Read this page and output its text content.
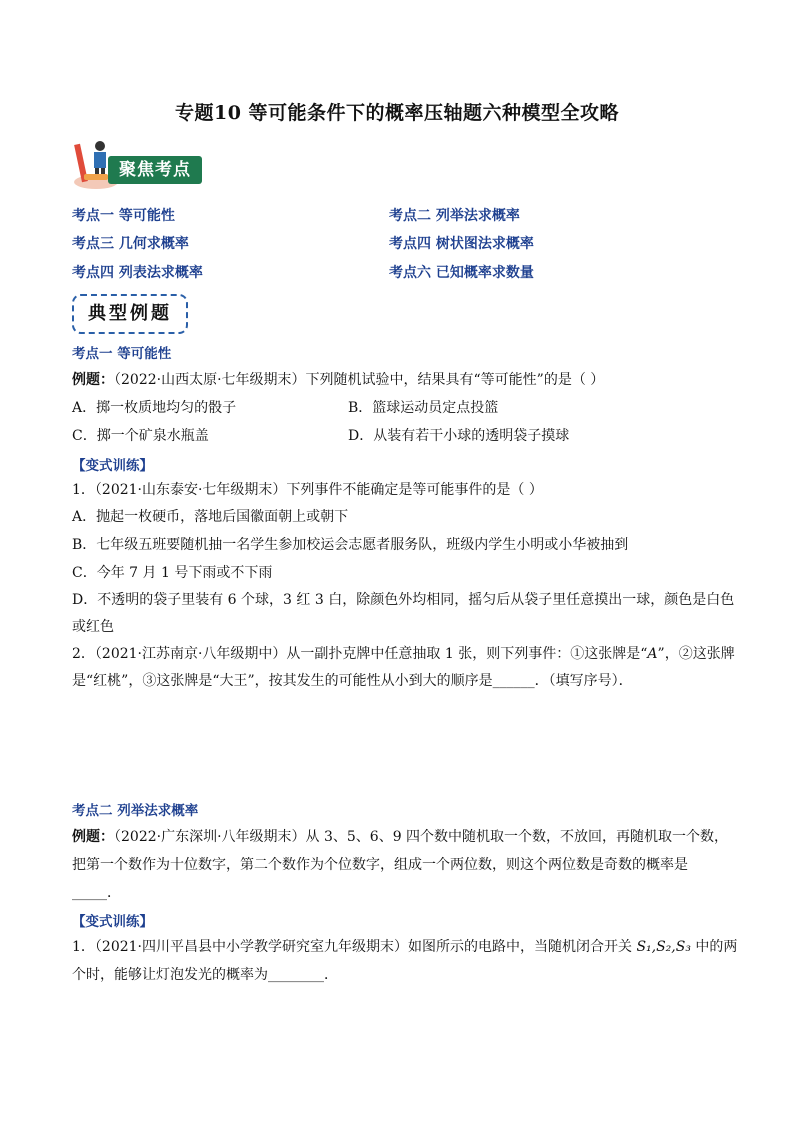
专题10 等可能条件下的概率压轴题六种模型全攻略
聚焦考点
考点一 等可能性	考点二 列举法求概率
考点三 几何求概率	考点四 树状图法求概率
考点四 列表法求概率	考点六 已知概率求数量
典型例题
考点一 等可能性
例题：（2022·山西太原·七年级期末）下列随机试验中，结果具有“等可能性”的是（ ）
A．掷一枚质地均匀的骰子	B．篮球运动员定点投篮
C．掷一个矿泉水瓶盖	D．从装有若干小球的透明袋子摸球
【变式训练】
1．（2021·山东泰安·七年级期末）下列事件不能确定是等可能事件的是（ ）
A．抛起一枚硬币，落地后国徽面朝上或朝下
B．七年级五班要随机抽一名学生参加校运会志愿者服务队，班级内学生小明或小华被抽到
C．今年 7 月 1 号下雨或不下雨
D．不透明的袋子里装有 6 个球，3 红 3 白，除颜色外均相同，摇匀后从袋子里任意摸出一球，颜色是白色
或红色
2．（2021·江苏南京·八年级期中）从一副扑克牌中任意抽取 1 张，则下列事件：①这张牌是“A”，②这张牌
是“红桃”，③这张牌是“大王”，按其发生的可能性从小到大的顺序是______．（填写序号）．
考点二 列举法求概率
例题：（2022·广东深圳·八年级期末）从 3、5、6、9 四个数中随机取一个数，不放回，再随机取一个数，
把第一个数作为十位数字，第二个数作为个位数字，组成一个两位数，则这个两位数是奇数的概率是
_____．
【变式训练】
1．（2021·四川平昌县中小学教学研究室九年级期末）如图所示的电路中，当随机闭合开关 S₁,S₂,S₃ 中的两
个时，能够让灯泡发光的概率为________．
